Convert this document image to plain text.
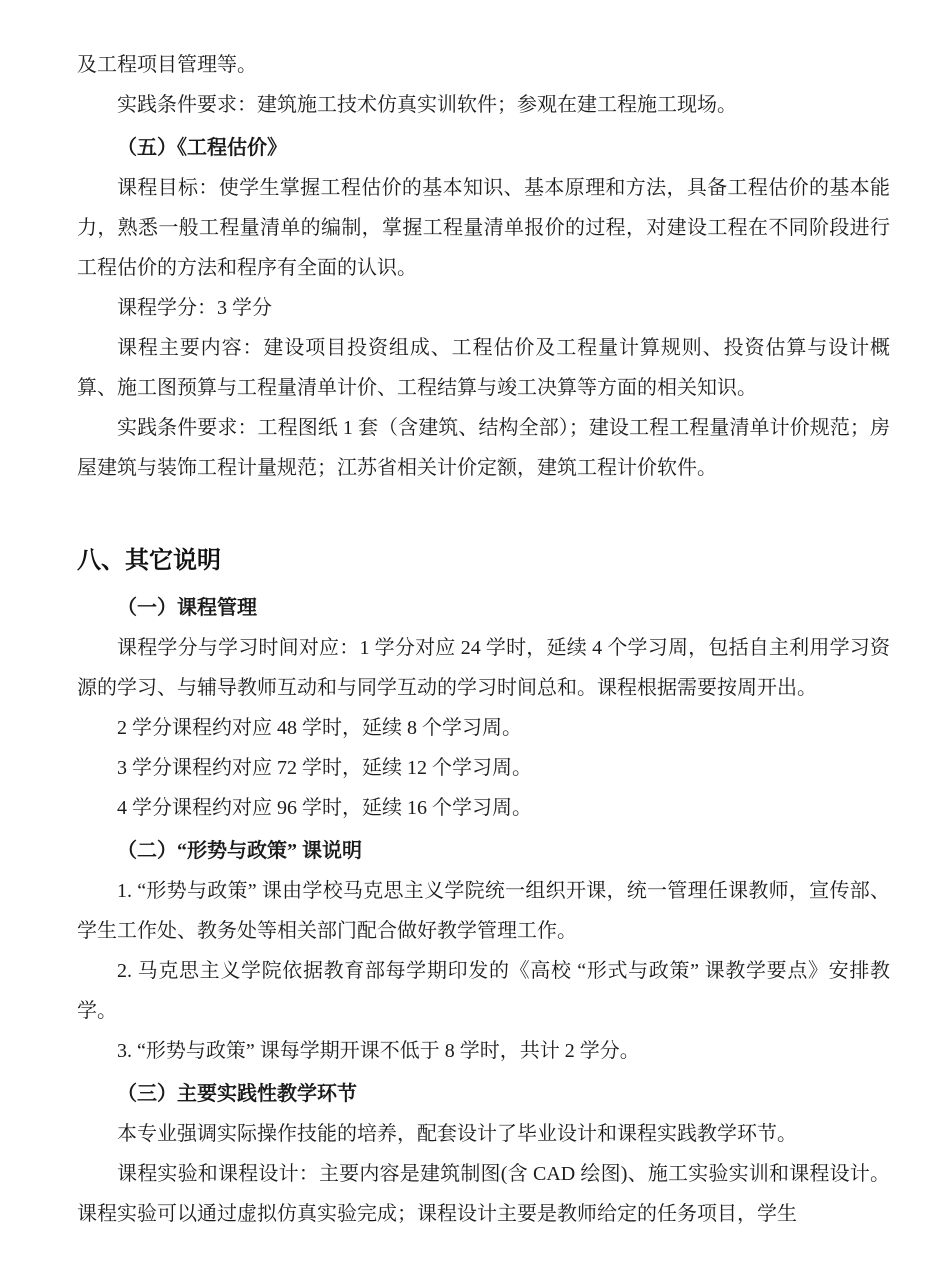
及工程项目管理等。

实践条件要求：建筑施工技术仿真实训软件；参观在建工程施工现场。

（五）《工程估价》

课程目标：使学生掌握工程估价的基本知识、基本原理和方法，具备工程估价的基本能力，熟悉一般工程量清单的编制，掌握工程量清单报价的过程，对建设工程在不同阶段进行工程估价的方法和程序有全面的认识。

课程学分：3 学分

课程主要内容：建设项目投资组成、工程估价及工程量计算规则、投资估算与设计概算、施工图预算与工程量清单计价、工程结算与竣工决算等方面的相关知识。

实践条件要求：工程图纸 1 套（含建筑、结构全部）；建设工程工程量清单计价规范；房屋建筑与装饰工程计量规范；江苏省相关计价定额，建筑工程计价软件。

八、其它说明

（一）课程管理

课程学分与学习时间对应：1 学分对应 24 学时，延续 4 个学习周，包括自主利用学习资源的学习、与辅导教师互动和与同学互动的学习时间总和。课程根据需要按周开出。

2 学分课程约对应 48 学时，延续 8 个学习周。

3 学分课程约对应 72 学时，延续 12 个学习周。

4 学分课程约对应 96 学时，延续 16 个学习周。

（二）“形势与政策” 课说明

1. “形势与政策” 课由学校马克思主义学院统一组织开课，统一管理任课教师，宣传部、学生工作处、教务处等相关部门配合做好教学管理工作。

2. 马克思主义学院依据教育部每学期印发的《高校 “形式与政策” 课教学要点》安排教学。

3. “形势与政策” 课每学期开课不低于 8 学时，共计 2 学分。

（三）主要实践性教学环节

本专业强调实际操作技能的培养，配套设计了毕业设计和课程实践教学环节。

课程实验和课程设计：主要内容是建筑制图(含 CAD 绘图)、施工实验实训和课程设计。课程实验可以通过虚拟仿真实验完成；课程设计主要是教师给定的任务项目，学生
